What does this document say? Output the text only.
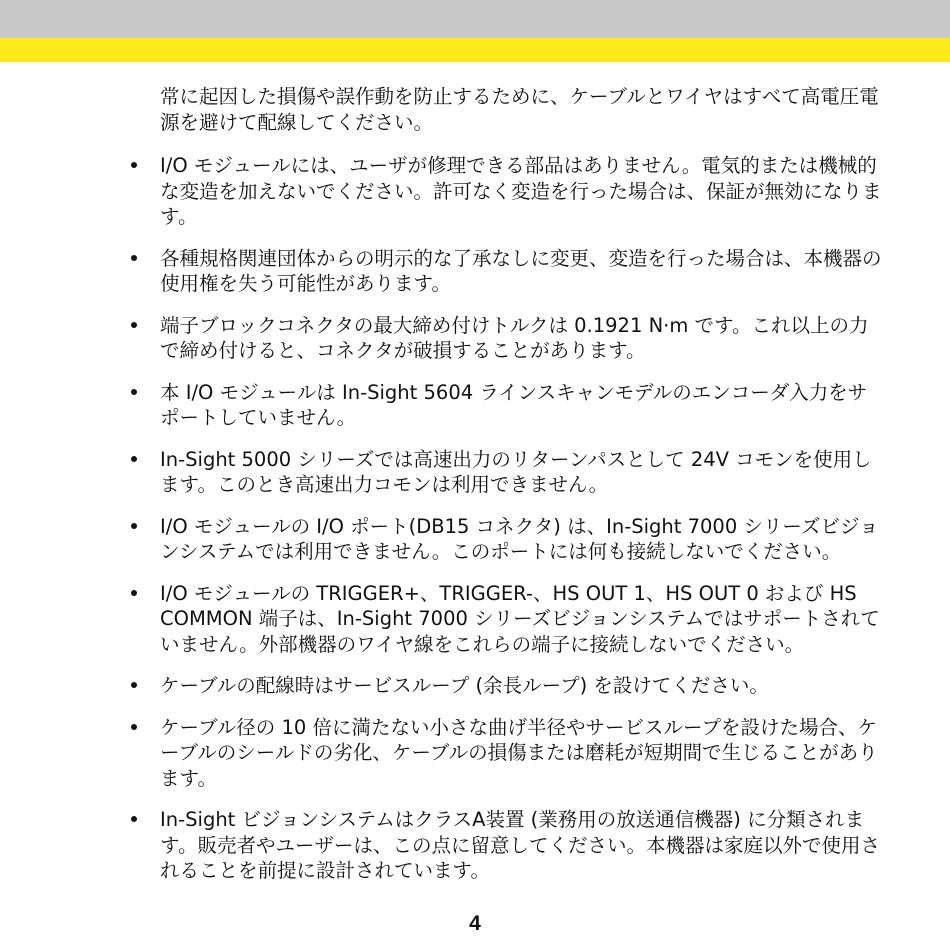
常に起因した損傷や誤作動を防止するために、ケーブルとワイヤはすべて高電圧電源を避けて配線してください。

I/O モジュールには、ユーザが修理できる部品はありません。電気的または機械的な変造を加えないでください。許可なく変造を行った場合は、保証が無効になります。
各種規格関連団体からの明示的な了承なしに変更、変造を行った場合は、本機器の使用権を失う可能性があります。
端子ブロックコネクタの最大締め付けトルクは 0.1921 N·m です。これ以上の力で締め付けると、コネクタが破損することがあります。
本 I/O モジュールは In-Sight 5604 ラインスキャンモデルのエンコーダ入力をサポートしていません。
In-Sight 5000 シリーズでは高速出力のリターンパスとして 24V コモンを使用します。このとき高速出力コモンは利用できません。
I/O モジュールの I/O ポート(DB15 コネクタ) は、In-Sight 7000 シリーズビジョンシステムでは利用できません。このポートには何も接続しないでください。
I/O モジュールの TRIGGER+、TRIGGER-、HS OUT 1、HS OUT 0 および HS COMMON 端子は、In-Sight 7000 シリーズビジョンシステムではサポートされていません。外部機器のワイヤ線をこれらの端子に接続しないでください。
ケーブルの配線時はサービスループ (余長ループ) を設けてください。
ケーブル径の 10 倍に満たない小さな曲げ半径やサービスループを設けた場合、ケーブルのシールドの劣化、ケーブルの損傷または磨耗が短期間で生じることがあります。
In-Sight ビジョンシステムはクラスA装置 (業務用の放送通信機器) に分類されます。販売者やユーザーは、この点に留意してください。本機器は家庭以外で使用されることを前提に設計されています。
4
